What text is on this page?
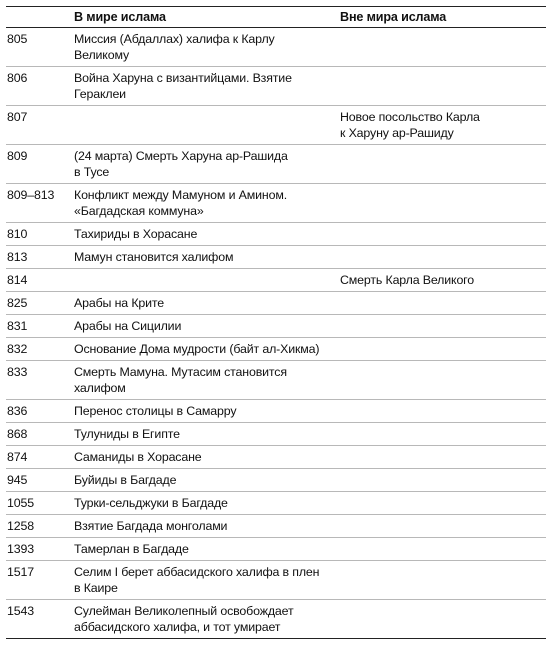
	В мире ислама	Вне мира ислама

805	Миссия (Абдаллах) халифа к Карлу
Великому	

806	Война Харуна с византийцами. Взятие
Гераклеи	

807		Новое посольство Карла
к Харуну ар-Рашиду

809	(24 марта) Смерть Харуна ар-Рашида
в Тусе	

809–813	Конфликт между Мамуном и Амином.
«Багдадская коммуна»	

810	Тахириды в Хорасане	

813	Мамун становится халифом	

814		Смерть Карла Великого

825	Арабы на Крите	

831	Арабы на Сицилии	

832	Основание Дома мудрости (байт ал-Хикма)	

833	Смерть Мамуна. Мутасим становится
халифом	

836	Перенос столицы в Самарру	

868	Тулуниды в Египте	

874	Саманиды в Хорасане	

945	Буйиды в Багдаде	

1055	Турки-сельджуки в Багдаде	

1258	Взятие Багдада монголами	

1393	Тамерлан в Багдаде	

1517	Селим I берет аббасидского халифа в плен
в Каире	

1543	Сулейман Великолепный освобождает
аббасидского халифа, и тот умирает	
